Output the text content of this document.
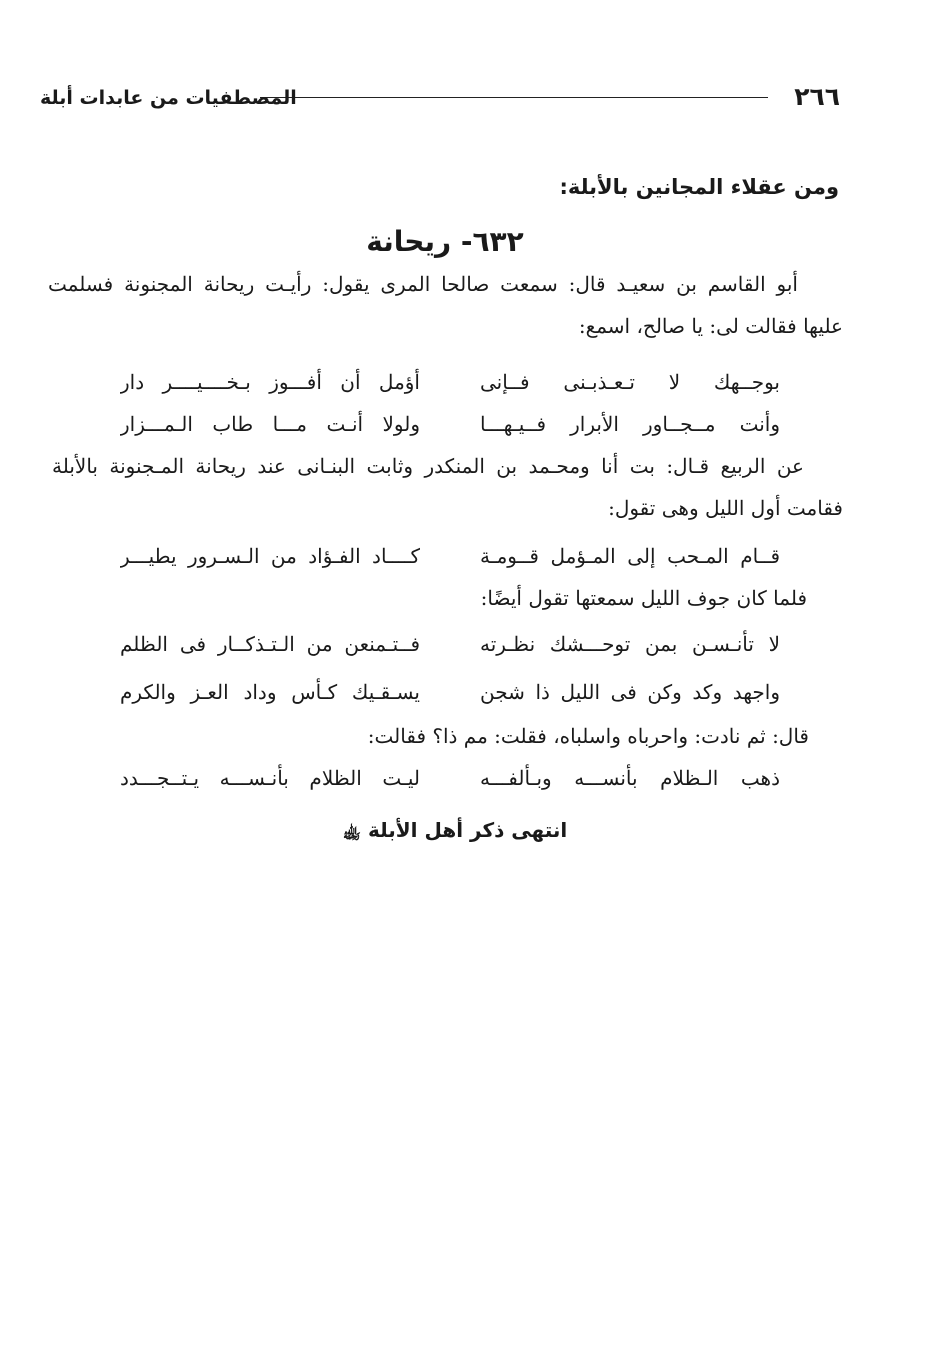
٢٦٦
المصطفيات من عابدات أبلة
ومن عقلاء المجانين بالأبلة:
٦٣٢- ريحانة
أبو القاسم بن سعيـد قال: سمعت صالحا المرى يقول: رأيـت ريحانة المجنونة فسلمت
عليها فقالت لى: يا صالح، اسمع:
بوجــهك لا تـعـذبـنى فــإنى
أؤمل أن أفـــوز بـخــــيــــر دار
وأنت مــجــاور الأبرار فــيـهـــا
ولولا أنـت مـــا طاب الـمـــزار
عن الربيع قـال: بت أنا ومحـمد بن المنكدر وثابت البنـانى عند ريحانة المـجنونة بالأبلة
فقامت أول الليل وهى تقول:
قــام المـحب إلى المـؤمل قــومـة
كــــاد الفـؤاد من الـسـرور يطيـــر
فلما كان جوف الليل سمعتها تقول أيضًا:
لا تأنـسـن بمن توحـــشك نظـرته
فــتـمنعن من الـتـذكــار فى الظلم
واجهد وكد وكن فى الليل ذا شجن
يسـقـيك كـأس وداد العـز والكرم
قال: ثم نادت: واحرباه واسلباه، فقلت: مم ذا؟ فقالت:
ذهب الـظلام بأنســـه وبـألفـــه
ليـت الظلام بأنـســـه يـتــجـــدد
انتهى ذكر أهل الأبلة ﵀
